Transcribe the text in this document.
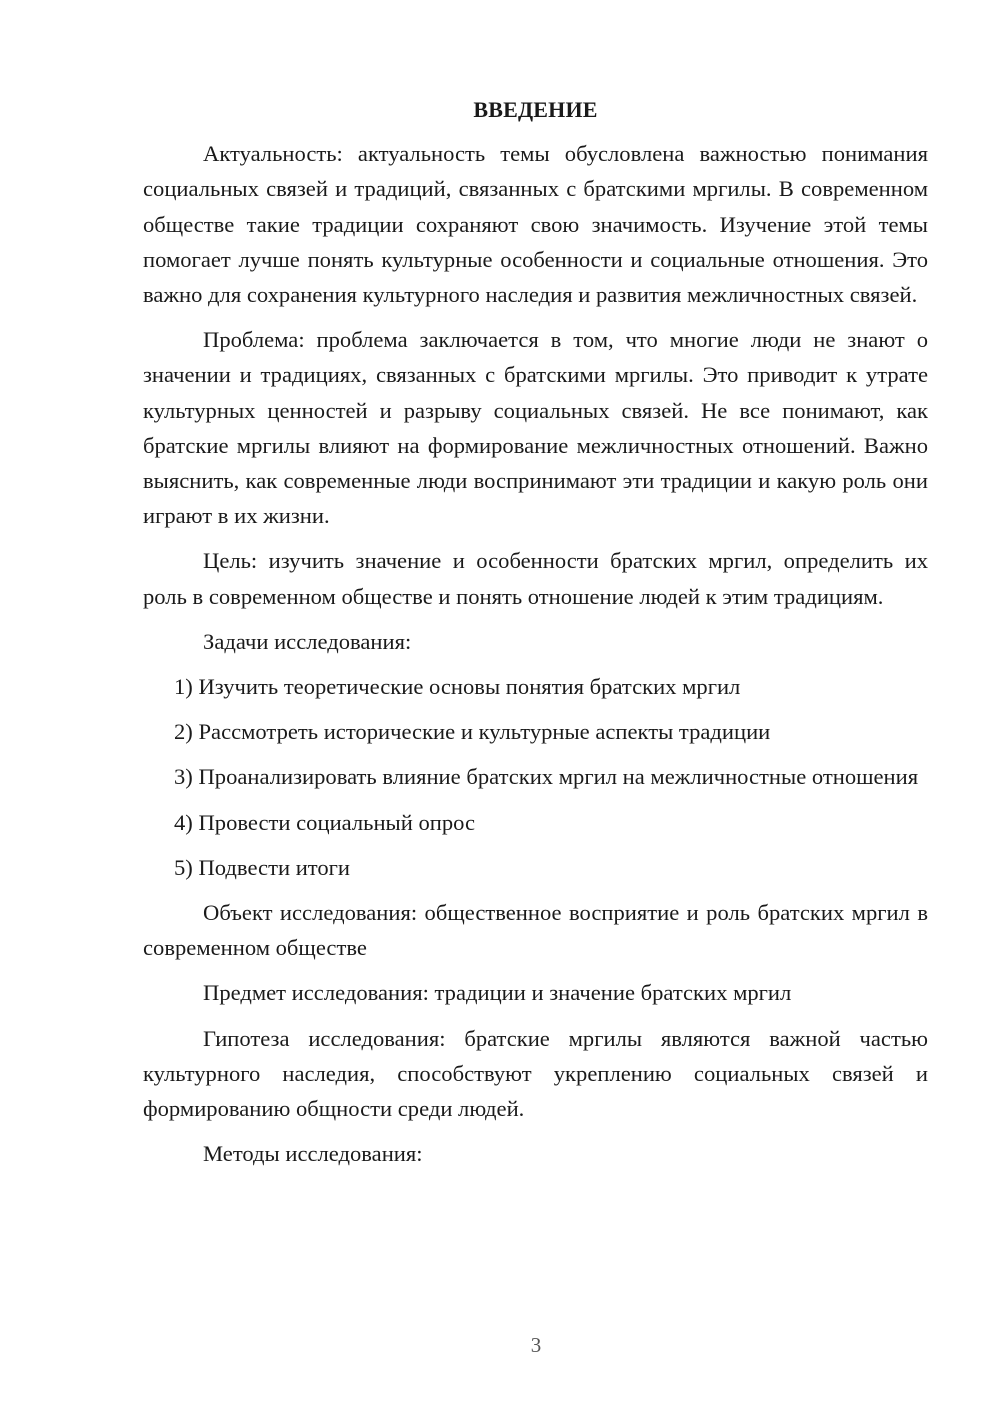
ВВЕДЕНИЕ

Актуальность: актуальность темы обусловлена важностью понимания социальных связей и традиций, связанных с братскими мргилы. В современном обществе такие традиции сохраняют свою значимость. Изучение этой темы помогает лучше понять культурные особенности и социальные отношения. Это важно для сохранения культурного наследия и развития межличностных связей.

Проблема: проблема заключается в том, что многие люди не знают о значении и традициях, связанных с братскими мргилы. Это приводит к утрате культурных ценностей и разрыву социальных связей. Не все понимают, как братские мргилы влияют на формирование межличностных отношений. Важно выяснить, как современные люди воспринимают эти традиции и какую роль они играют в их жизни.

Цель: изучить значение и особенности братских мргил, определить их роль в современном обществе и понять отношение людей к этим традициям.

Задачи исследования:

1) Изучить теоретические основы понятия братских мргил

2) Рассмотреть исторические и культурные аспекты традиции

3) Проанализировать влияние братских мргил на межличностные отношения

4) Провести социальный опрос

5) Подвести итоги

Объект исследования: общественное восприятие и роль братских мргил в современном обществе

Предмет исследования: традиции и значение братских мргил

Гипотеза исследования: братские мргилы являются важной частью культурного наследия, способствуют укреплению социальных связей и формированию общности среди людей.

Методы исследования:

3
